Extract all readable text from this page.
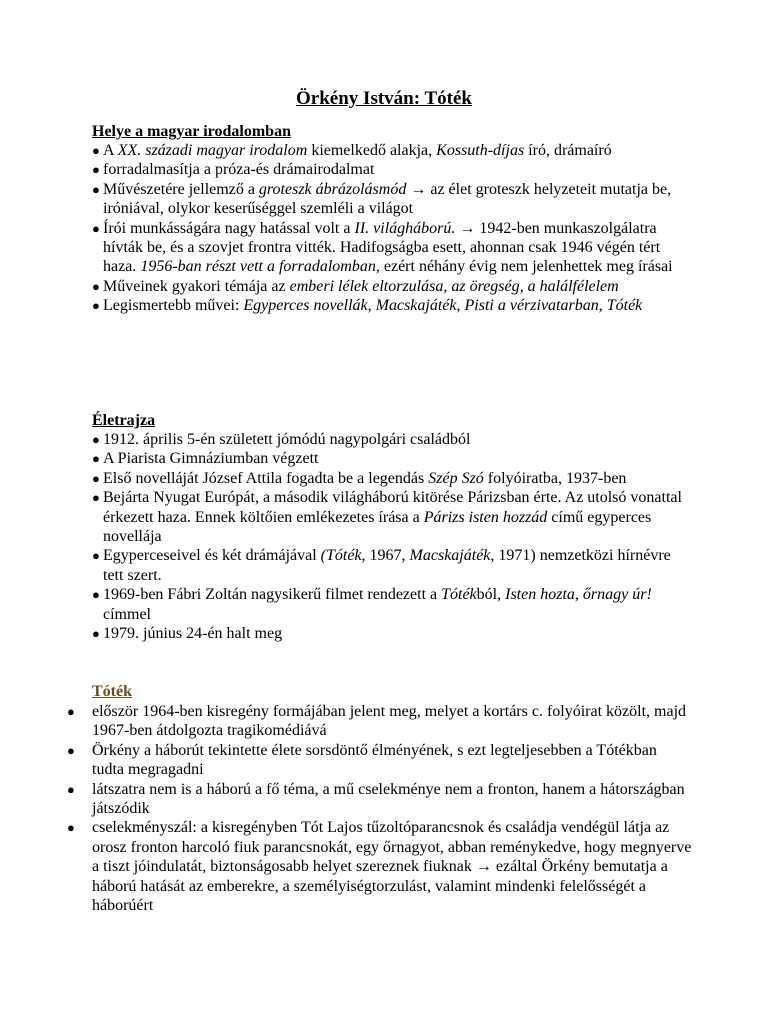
Örkény István: Tóték

Helye a magyar irodalomban

● A XX. századi magyar irodalom kiemelkedő alakja, Kossuth-díjas író, drámaíró
● forradalmasítja a próza-és drámairodalmat
● Művészetére jellemző a groteszk ábrázolásmód → az élet groteszk helyzeteit mutatja be, iróniával, olykor keserűséggel szemléli a világot
● Írói munkásságára nagy hatással volt a II. világháború. → 1942-ben munkaszolgálatra hívták be, és a szovjet frontra vitték. Hadifogságba esett, ahonnan csak 1946 végén tért haza. 1956-ban részt vett a forradalomban, ezért néhány évig nem jelenhettek meg írásai
● Műveinek gyakori témája az emberi lélek eltorzulása, az öregség, a halálfélelem
● Legismertebb művei: Egyperces novellák, Macskajáték, Pisti a vérzivatarban, Tóték

Életrajza

● 1912. április 5-én született jómódú nagypolgári családból
● A Piarista Gimnáziumban végzett
● Első novelláját József Attila fogadta be a legendás Szép Szó folyóiratba, 1937-ben
● Bejárta Nyugat Európát, a második világháború kitörése Párizsban érte. Az utolsó vonattal érkezett haza. Ennek költőien emlékezetes írása a Párizs isten hozzád című egyperces novellája
● Egyperceseivel és két drámájával (Tóték, 1967, Macskajáték, 1971) nemzetközi hírnévre tett szert.
● 1969-ben Fábri Zoltán nagysikerű filmet rendezett a Tótékból, Isten hozta, őrnagy úr! címmel
● 1979. június 24-én halt meg

Tóték

● először 1964-ben kisregény formájában jelent meg, melyet a kortárs c. folyóirat közölt, majd 1967-ben átdolgozta tragikomédiává
● Örkény a háborút tekintette élete sorsdöntő élményének, s ezt legteljesebben a Tótékban tudta megragadni
● látszatra nem is a háború a fő téma, a mű cselekménye nem a fronton, hanem a hátországban játszódik
● cselekményszál: a kisregényben Tót Lajos tűzoltóparancsnok és családja vendégül látja az orosz fronton harcoló fiuk parancsnokát, egy őrnagyot, abban reménykedve, hogy megnyerve a tiszt jóindulatát, biztonságosabb helyet szereznek fiuknak → ezáltal Örkény bemutatja a háború hatását az emberekre, a személyiségtorzulást, valamint mindenki felelősségét a háborúért
